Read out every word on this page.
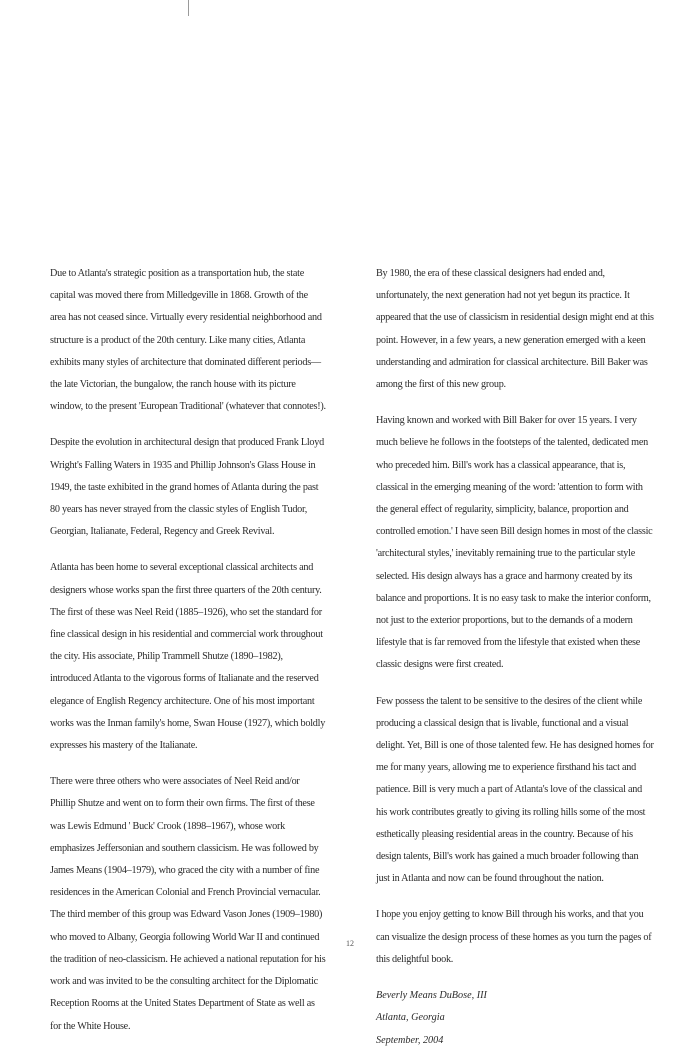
Due to Atlanta's strategic position as a transportation hub, the state capital was moved there from Milledgeville in 1868. Growth of the area has not ceased since. Virtually every residential neighborhood and structure is a product of the 20th century. Like many cities, Atlanta exhibits many styles of architecture that dominated different periods—the late Victorian, the bungalow, the ranch house with its picture window, to the present 'European Traditional' (whatever that connotes!).

Despite the evolution in architectural design that produced Frank Lloyd Wright's Falling Waters in 1935 and Phillip Johnson's Glass House in 1949, the taste exhibited in the grand homes of Atlanta during the past 80 years has never strayed from the classic styles of English Tudor, Georgian, Italianate, Federal, Regency and Greek Revival.

Atlanta has been home to several exceptional classical architects and designers whose works span the first three quarters of the 20th century. The first of these was Neel Reid (1885–1926), who set the standard for fine classical design in his residential and commercial work throughout the city. His associate, Philip Trammell Shutze (1890–1982), introduced Atlanta to the vigorous forms of Italianate and the reserved elegance of English Regency architecture. One of his most important works was the Inman family's home, Swan House (1927), which boldly expresses his mastery of the Italianate.

There were three others who were associates of Neel Reid and/or Phillip Shutze and went on to form their own firms. The first of these was Lewis Edmund ' Buck' Crook (1898–1967), whose work emphasizes Jeffersonian and southern classicism. He was followed by James Means (1904–1979), who graced the city with a number of fine residences in the American Colonial and French Provincial vernacular. The third member of this group was Edward Vason Jones (1909–1980) who moved to Albany, Georgia following World War II and continued the tradition of neo-classicism. He achieved a national reputation for his work and was invited to be the consulting architect for the Diplomatic Reception Rooms at the United States Department of State as well as for the White House.

By 1980, the era of these classical designers had ended and, unfortunately, the next generation had not yet begun its practice. It appeared that the use of classicism in residential design might end at this point. However, in a few years, a new generation emerged with a keen understanding and admiration for classical architecture. Bill Baker was among the first of this new group.

Having known and worked with Bill Baker for over 15 years. I very much believe he follows in the footsteps of the talented, dedicated men who preceded him. Bill's work has a classical appearance, that is, classical in the emerging meaning of the word: 'attention to form with the general effect of regularity, simplicity, balance, proportion and controlled emotion.' I have seen Bill design homes in most of the classic 'architectural styles,' inevitably remaining true to the particular style selected. His design always has a grace and harmony created by its balance and proportions. It is no easy task to make the interior conform, not just to the exterior proportions, but to the demands of a modern lifestyle that is far removed from the lifestyle that existed when these classic designs were first created.

Few possess the talent to be sensitive to the desires of the client while producing a classical design that is livable, functional and a visual delight. Yet, Bill is one of those talented few. He has designed homes for me for many years, allowing me to experience firsthand his tact and patience. Bill is very much a part of Atlanta's love of the classical and his work contributes greatly to giving its rolling hills some of the most esthetically pleasing residential areas in the country. Because of his design talents, Bill's work has gained a much broader following than just in Atlanta and now can be found throughout the nation.

I hope you enjoy getting to know Bill through his works, and that you can visualize the design process of these homes as you turn the pages of this delightful book.

Beverly Means DuBose, III

Atlanta, Georgia

September, 2004

12
